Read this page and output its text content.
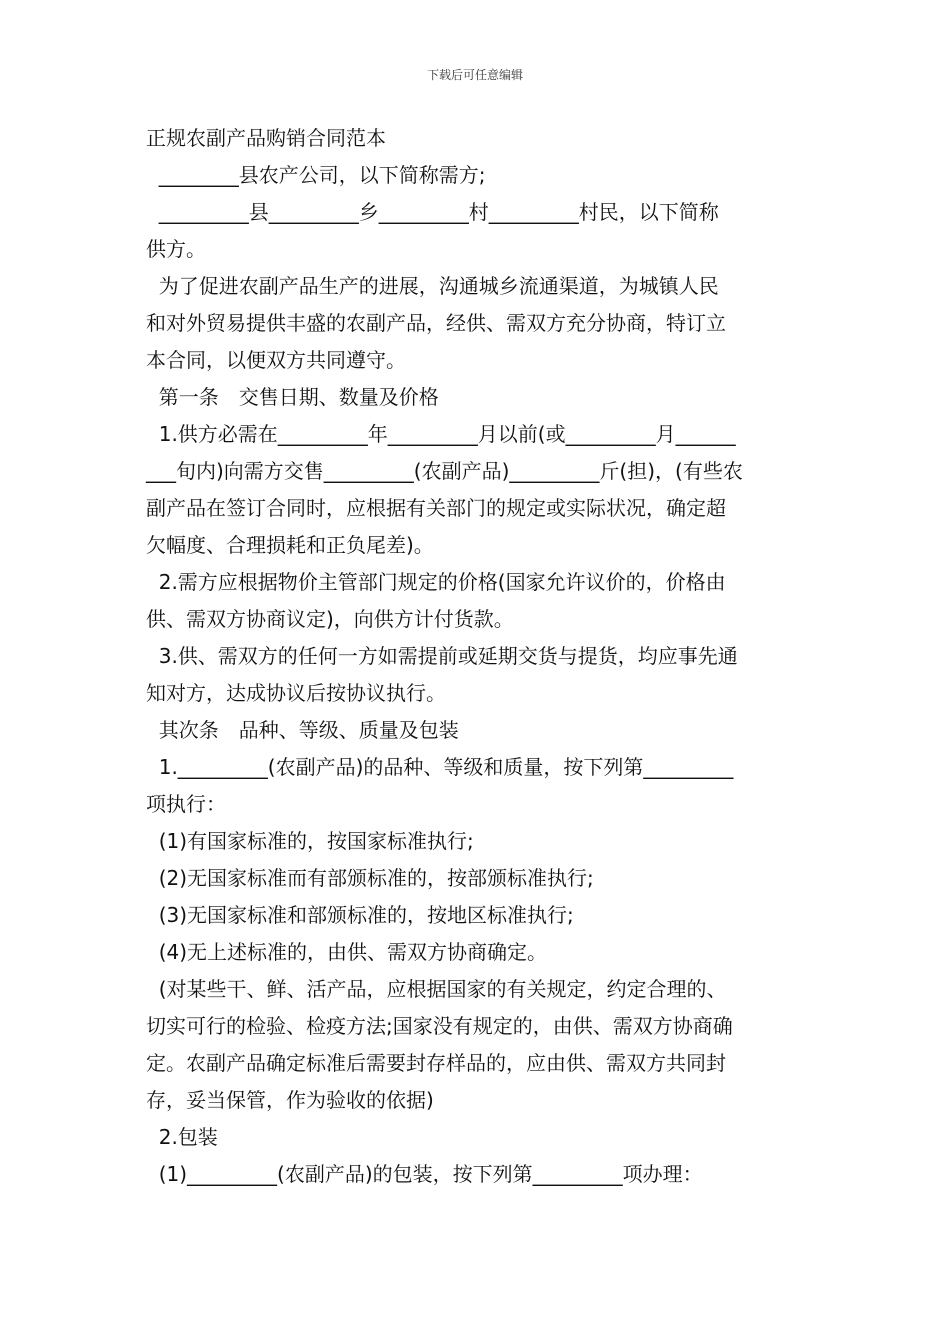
下载后可任意编辑

正规农副产品购销合同范本

________县农产公司，以下简称需方;

_________县_________乡_________村_________村民，以下简称

供方。

为了促进农副产品生产的进展，沟通城乡流通渠道，为城镇人民

和对外贸易提供丰盛的农副产品，经供、需双方充分协商，特订立

本合同，以便双方共同遵守。

第一条　交售日期、数量及价格

1.供方必需在_________年_________月以前(或_________月______

___旬内)向需方交售_________(农副产品)_________斤(担)，(有些农

副产品在签订合同时，应根据有关部门的规定或实际状况，确定超

欠幅度、合理损耗和正负尾差)。

2.需方应根据物价主管部门规定的价格(国家允许议价的，价格由

供、需双方协商议定)，向供方计付货款。

3.供、需双方的任何一方如需提前或延期交货与提货，均应事先通

知对方，达成协议后按协议执行。

其次条　品种、等级、质量及包装

1._________(农副产品)的品种、等级和质量，按下列第_________

项执行：

(1)有国家标准的，按国家标准执行;

(2)无国家标准而有部颁标准的，按部颁标准执行;

(3)无国家标准和部颁标准的，按地区标准执行;

(4)无上述标准的，由供、需双方协商确定。

(对某些干、鲜、活产品，应根据国家的有关规定，约定合理的、

切实可行的检验、检疫方法;国家没有规定的，由供、需双方协商确

定。农副产品确定标准后需要封存样品的，应由供、需双方共同封

存，妥当保管，作为验收的依据)

2.包装

(1)_________(农副产品)的包装，按下列第_________项办理：
